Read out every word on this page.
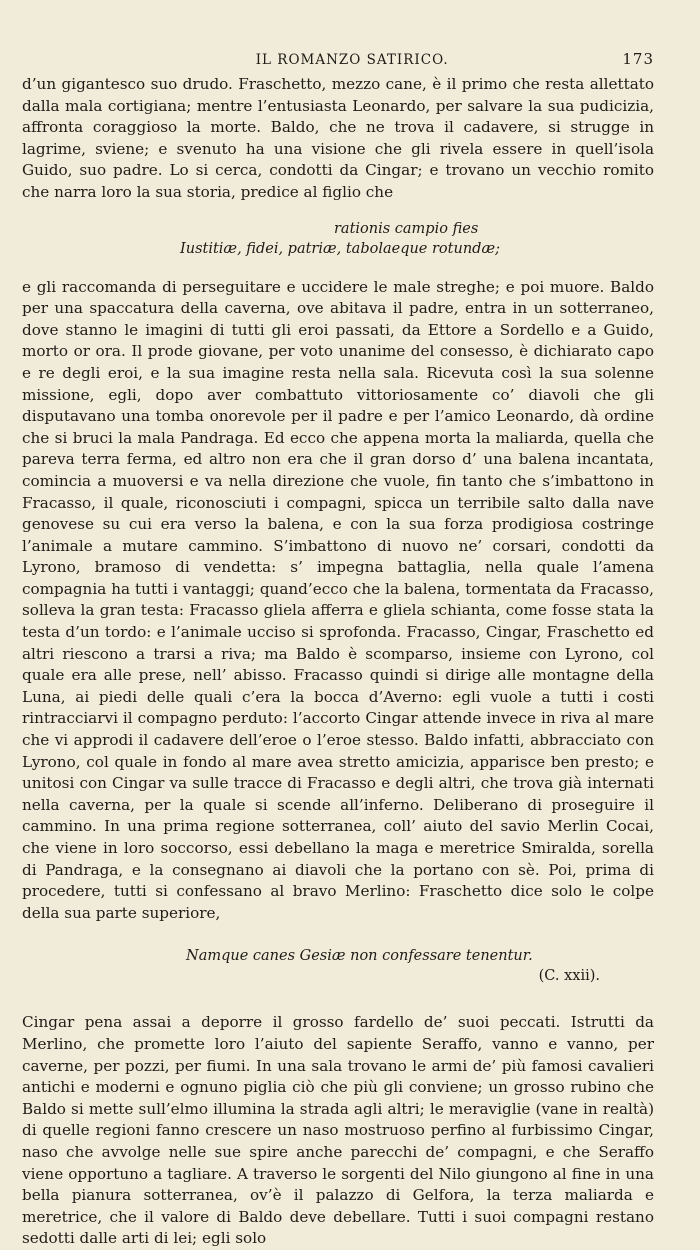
IL ROMANZO SATIRICO.	173

d’un gigantesco suo drudo. Fraschetto, mezzo cane, è il primo che resta allettato dalla mala cortigiana; mentre l’entusiasta Leonardo, per salvare la sua pudicizia, affronta coraggioso la morte. Baldo, che ne trova il cadavere, si strugge in lagrime, sviene; e svenuto ha una visione che gli rivela essere in quell’isola Guido, suo padre. Lo si cerca, condotti da Cingar; e trovano un vecchio romito che narra loro la sua storia, predice al figlio che

rationis campio fies
Iustitiæ, fidei, patriæ, tabolaeque rotundæ;

e gli raccomanda di perseguitare e uccidere le male streghe; e poi muore. Baldo per una spaccatura della caverna, ove abitava il padre, entra in un sotterraneo, dove stanno le imagini di tutti gli eroi passati, da Ettore a Sordello e a Guido, morto or ora. Il prode giovane, per voto unanime del consesso, è dichiarato capo e re degli eroi, e la sua imagine resta nella sala. Ricevuta così la sua solenne missione, egli, dopo aver combattuto vittoriosamente co’ diavoli che gli disputavano una tomba onorevole per il padre e per l’amico Leonardo, dà ordine che si bruci la mala Pandraga. Ed ecco che appena morta la maliarda, quella che pareva terra ferma, ed altro non era che il gran dorso d’ una balena incantata, comincia a muoversi e va nella direzione che vuole, fin tanto che s’imbattono in Fracasso, il quale, riconosciuti i compagni, spicca un terribile salto dalla nave genovese su cui era verso la balena, e con la sua forza prodigiosa costringe l’animale a mutare cammino. S’imbattono di nuovo ne’ corsari, condotti da Lyrono, bramoso di vendetta: s’ impegna battaglia, nella quale l’amena compagnia ha tutti i vantaggi; quand’ecco che la balena, tormentata da Fracasso, solleva la gran testa: Fracasso gliela afferra e gliela schianta, come fosse stata la testa d’un tordo: e l’animale ucciso si sprofonda. Fracasso, Cingar, Fraschetto ed altri riescono a trarsi a riva; ma Baldo è scomparso, insieme con Lyrono, col quale era alle prese, nell’ abisso. Fracasso quindi si dirige alle montagne della Luna, ai piedi delle quali c’era la bocca d’Averno: egli vuole a tutti i costi rintracciarvi il compagno perduto: l’accorto Cingar attende invece in riva al mare che vi approdi il cadavere dell’eroe o l’eroe stesso. Baldo infatti, abbracciato con Lyrono, col quale in fondo al mare avea stretto amicizia, apparisce ben presto; e unitosi con Cingar va sulle tracce di Fracasso e degli altri, che trova già internati nella caverna, per la quale si scende all’inferno. Deliberano di proseguire il cammino. In una prima regione sotterranea, coll’ aiuto del savio Merlin Cocai, che viene in loro soccorso, essi debellano la maga e meretrice Smiralda, sorella di Pandraga, e la consegnano ai diavoli che la portano con sè. Poi, prima di procedere, tutti si confessano al bravo Merlino: Fraschetto dice solo le colpe della sua parte superiore,

Namque canes Gesiæ non confessare tenentur.
(C. xxii).

Cingar pena assai a deporre il grosso fardello de’ suoi peccati. Istrutti da Merlino, che promette loro l’aiuto del sapiente Seraffo, vanno e vanno, per caverne, per pozzi, per fiumi. In una sala trovano le armi de’ più famosi cavalieri antichi e moderni e ognuno piglia ciò che più gli conviene; un grosso rubino che Baldo si mette sull’elmo illumina la strada agli altri; le meraviglie (vane in realtà) di quelle regioni fanno crescere un naso mostruoso perfino al furbissimo Cingar, naso che avvolge nelle sue spire anche parecchi de’ compagni, e che Seraffo viene opportuno a tagliare. A traverso le sorgenti del Nilo giungono al fine in una bella pianura sotterranea, ov’è il palazzo di Gelfora, la terza maliarda e meretrice, che il valore di Baldo deve debellare. Tutti i suoi compagni restano sedotti dalle arti di lei; egli solo
